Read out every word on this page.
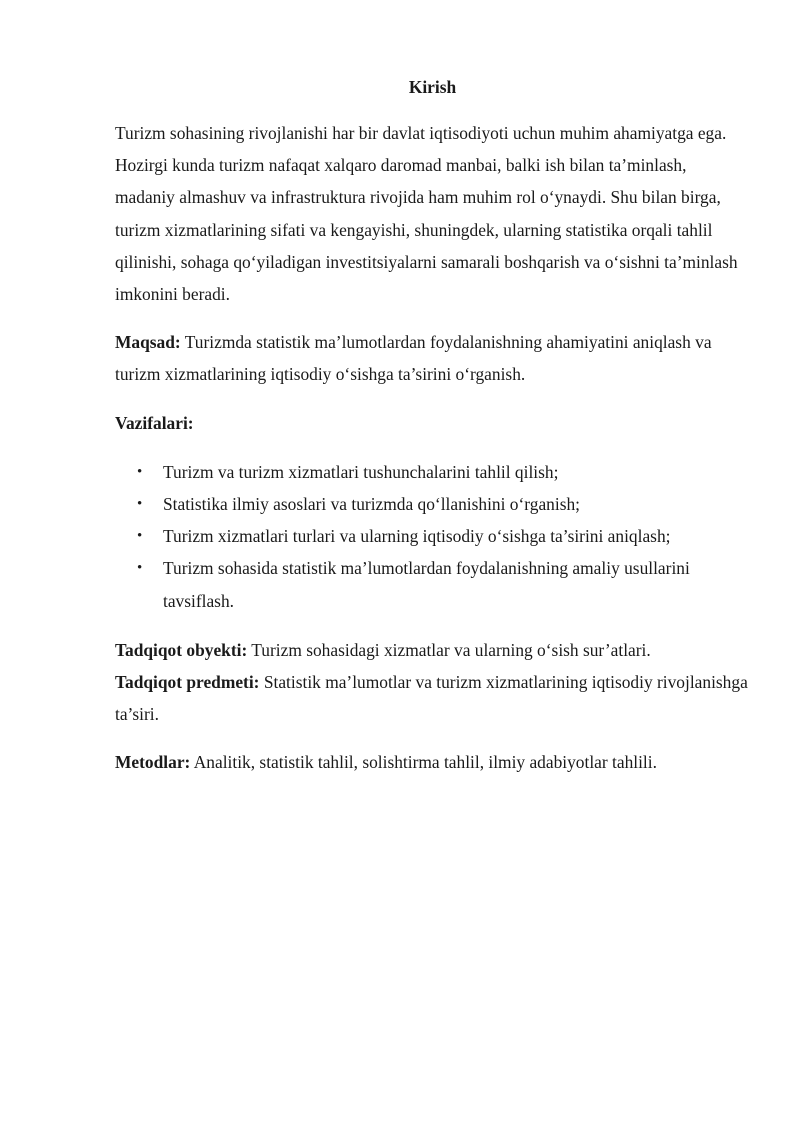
Kirish

Turizm sohasining rivojlanishi har bir davlat iqtisodiyoti uchun muhim ahamiyatga ega. Hozirgi kunda turizm nafaqat xalqaro daromad manbai, balki ish bilan ta’minlash, madaniy almashuv va infrastruktura rivojida ham muhim rol o‘ynaydi. Shu bilan birga, turizm xizmatlarining sifati va kengayishi, shuningdek, ularning statistika orqali tahlil qilinishi, sohaga qo‘yiladigan investitsiyalarni samarali boshqarish va o‘sishni ta’minlash imkonini beradi.

Maqsad: Turizmda statistik ma’lumotlardan foydalanishning ahamiyatini aniqlash va turizm xizmatlarining iqtisodiy o‘sishga ta’sirini o‘rganish.

Vazifalari:
• Turizm va turizm xizmatlari tushunchalarini tahlil qilish;
• Statistika ilmiy asoslari va turizmda qo‘llanishini o‘rganish;
• Turizm xizmatlari turlari va ularning iqtisodiy o‘sishga ta’sirini aniqlash;
• Turizm sohasida statistik ma’lumotlardan foydalanishning amaliy usullarini tavsiflash.

Tadqiqot obyekti: Turizm sohasidagi xizmatlar va ularning o‘sish sur’atlari.

Tadqiqot predmeti: Statistik ma’lumotlar va turizm xizmatlarining iqtisodiy rivojlanishga ta’siri.

Metodlar: Analitik, statistik tahlil, solishtirma tahlil, ilmiy adabiyotlar tahlili.
